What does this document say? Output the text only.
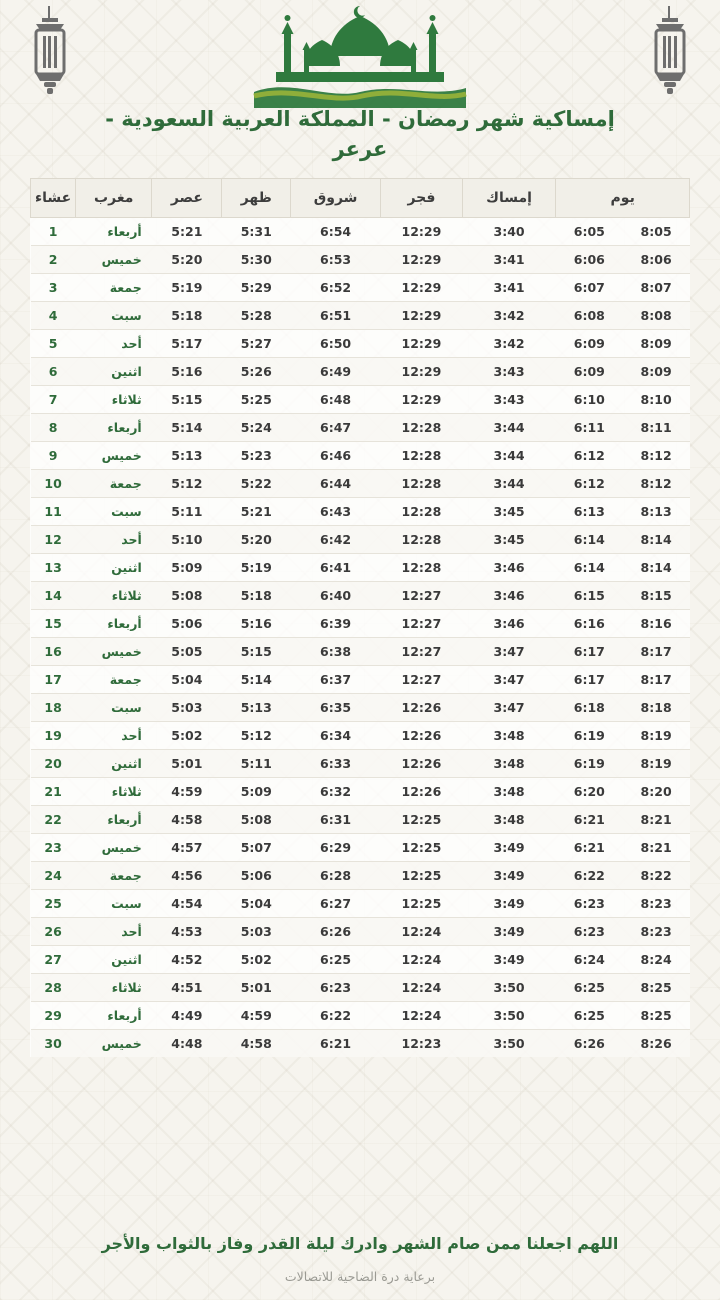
إمساكية شهر رمضان - المملكة العربية السعودية - عرعر
يوم		إمساك	فجر	شروق	ظهر	عصر	مغرب	عشاء
8:05	6:05	3:40	12:29	6:54	5:31	5:21	أربعاء	1
8:06	6:06	3:41	12:29	6:53	5:30	5:20	خميس	2
8:07	6:07	3:41	12:29	6:52	5:29	5:19	جمعة	3
8:08	6:08	3:42	12:29	6:51	5:28	5:18	سبت	4
8:09	6:09	3:42	12:29	6:50	5:27	5:17	أحد	5
8:09	6:09	3:43	12:29	6:49	5:26	5:16	اثنين	6
8:10	6:10	3:43	12:29	6:48	5:25	5:15	ثلاثاء	7
8:11	6:11	3:44	12:28	6:47	5:24	5:14	أربعاء	8
8:12	6:12	3:44	12:28	6:46	5:23	5:13	خميس	9
8:12	6:12	3:44	12:28	6:44	5:22	5:12	جمعة	10
8:13	6:13	3:45	12:28	6:43	5:21	5:11	سبت	11
8:14	6:14	3:45	12:28	6:42	5:20	5:10	أحد	12
8:14	6:14	3:46	12:28	6:41	5:19	5:09	اثنين	13
8:15	6:15	3:46	12:27	6:40	5:18	5:08	ثلاثاء	14
8:16	6:16	3:46	12:27	6:39	5:16	5:06	أربعاء	15
8:17	6:17	3:47	12:27	6:38	5:15	5:05	خميس	16
8:17	6:17	3:47	12:27	6:37	5:14	5:04	جمعة	17
8:18	6:18	3:47	12:26	6:35	5:13	5:03	سبت	18
8:19	6:19	3:48	12:26	6:34	5:12	5:02	أحد	19
8:19	6:19	3:48	12:26	6:33	5:11	5:01	اثنين	20
8:20	6:20	3:48	12:26	6:32	5:09	4:59	ثلاثاء	21
8:21	6:21	3:48	12:25	6:31	5:08	4:58	أربعاء	22
8:21	6:21	3:49	12:25	6:29	5:07	4:57	خميس	23
8:22	6:22	3:49	12:25	6:28	5:06	4:56	جمعة	24
8:23	6:23	3:49	12:25	6:27	5:04	4:54	سبت	25
8:23	6:23	3:49	12:24	6:26	5:03	4:53	أحد	26
8:24	6:24	3:49	12:24	6:25	5:02	4:52	اثنين	27
8:25	6:25	3:50	12:24	6:23	5:01	4:51	ثلاثاء	28
8:25	6:25	3:50	12:24	6:22	4:59	4:49	أربعاء	29
8:26	6:26	3:50	12:23	6:21	4:58	4:48	خميس	30
اللهم اجعلنا ممن صام الشهر وادرك ليلة القدر وفاز بالثواب والأجر
برعاية درة الضاحية للاتصالات
